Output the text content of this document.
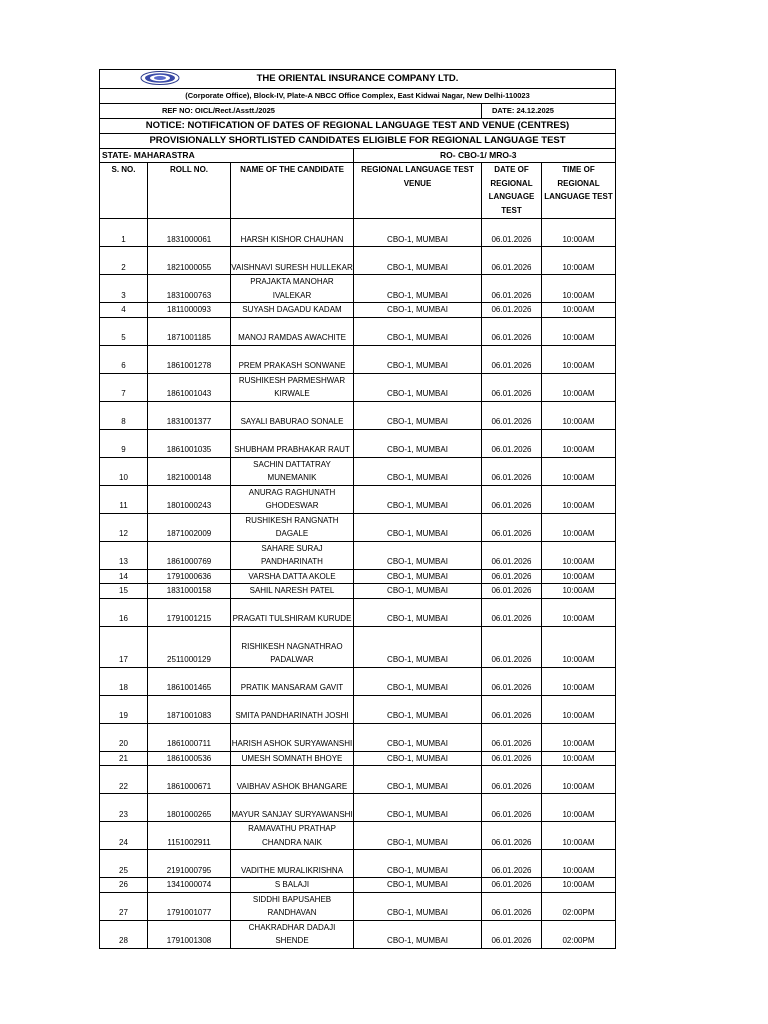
THE ORIENTAL INSURANCE COMPANY LTD.					
(Corporate Office), Block-IV, Plate-A NBCC Office Complex, East Kidwai Nagar, New Delhi-110023					
REF NO: OICL/Rect./Asstt./2025				DATE: 24.12.2025	
NOTICE: NOTIFICATION OF DATES OF REGIONAL LANGUAGE TEST AND VENUE (CENTRES)					
PROVISIONALLY SHORTLISTED CANDIDATES ELIGIBLE FOR REGIONAL LANGUAGE TEST					
STATE- MAHARASTRA			RO- CBO-1/ MRO-3		
S. NO.	ROLL NO.	NAME OF THE CANDIDATE	REGIONAL LANGUAGE TEST VENUE	DATE OF REGIONAL LANGUAGE TEST	TIME OF REGIONAL LANGUAGE TEST
1	1831000061	HARSH KISHOR CHAUHAN	CBO-1, MUMBAI	06.01.2026	10:00AM
2	1821000055	VAISHNAVI SURESH HULLEKAR	CBO-1, MUMBAI	06.01.2026	10:00AM
3	1831000763	PRAJAKTA MANOHAR IVALEKAR	CBO-1, MUMBAI	06.01.2026	10:00AM
4	1811000093	SUYASH DAGADU KADAM	CBO-1, MUMBAI	06.01.2026	10:00AM
5	1871001185	MANOJ RAMDAS AWACHITE	CBO-1, MUMBAI	06.01.2026	10:00AM
6	1861001278	PREM PRAKASH SONWANE	CBO-1, MUMBAI	06.01.2026	10:00AM
7	1861001043	RUSHIKESH PARMESHWAR KIRWALE	CBO-1, MUMBAI	06.01.2026	10:00AM
8	1831001377	SAYALI BABURAO SONALE	CBO-1, MUMBAI	06.01.2026	10:00AM
9	1861001035	SHUBHAM PRABHAKAR RAUT	CBO-1, MUMBAI	06.01.2026	10:00AM
10	1821000148	SACHIN DATTATRAY MUNEMANIK	CBO-1, MUMBAI	06.01.2026	10:00AM
11	1801000243	ANURAG RAGHUNATH GHODESWAR	CBO-1, MUMBAI	06.01.2026	10:00AM
12	1871002009	RUSHIKESH RANGNATH DAGALE	CBO-1, MUMBAI	06.01.2026	10:00AM
13	1861000769	SAHARE SURAJ PANDHARINATH	CBO-1, MUMBAI	06.01.2026	10:00AM
14	1791000636	VARSHA DATTA AKOLE	CBO-1, MUMBAI	06.01.2026	10:00AM
15	1831000158	SAHIL NARESH PATEL	CBO-1, MUMBAI	06.01.2026	10:00AM
16	1791001215	PRAGATI TULSHIRAM KURUDE	CBO-1, MUMBAI	06.01.2026	10:00AM
17	2511000129	RISHIKESH NAGNATHRAO PADALWAR	CBO-1, MUMBAI	06.01.2026	10:00AM
18	1861001465	PRATIK MANSARAM GAVIT	CBO-1, MUMBAI	06.01.2026	10:00AM
19	1871001083	SMITA PANDHARINATH JOSHI	CBO-1, MUMBAI	06.01.2026	10:00AM
20	1861000711	HARISH ASHOK SURYAWANSHI	CBO-1, MUMBAI	06.01.2026	10:00AM
21	1861000536	UMESH SOMNATH BHOYE	CBO-1, MUMBAI	06.01.2026	10:00AM
22	1861000671	VAIBHAV ASHOK BHANGARE	CBO-1, MUMBAI	06.01.2026	10:00AM
23	1801000265	MAYUR SANJAY SURYAWANSHI	CBO-1, MUMBAI	06.01.2026	10:00AM
24	1151002911	RAMAVATHU PRATHAP CHANDRA NAIK	CBO-1, MUMBAI	06.01.2026	10:00AM
25	2191000795	VADITHE MURALIKRISHNA	CBO-1, MUMBAI	06.01.2026	10:00AM
26	1341000074	S BALAJI	CBO-1, MUMBAI	06.01.2026	10:00AM
27	1791001077	SIDDHI BAPUSAHEB RANDHAVAN	CBO-1, MUMBAI	06.01.2026	02:00PM
28	1791001308	CHAKRADHAR DADAJI SHENDE	CBO-1, MUMBAI	06.01.2026	02:00PM
